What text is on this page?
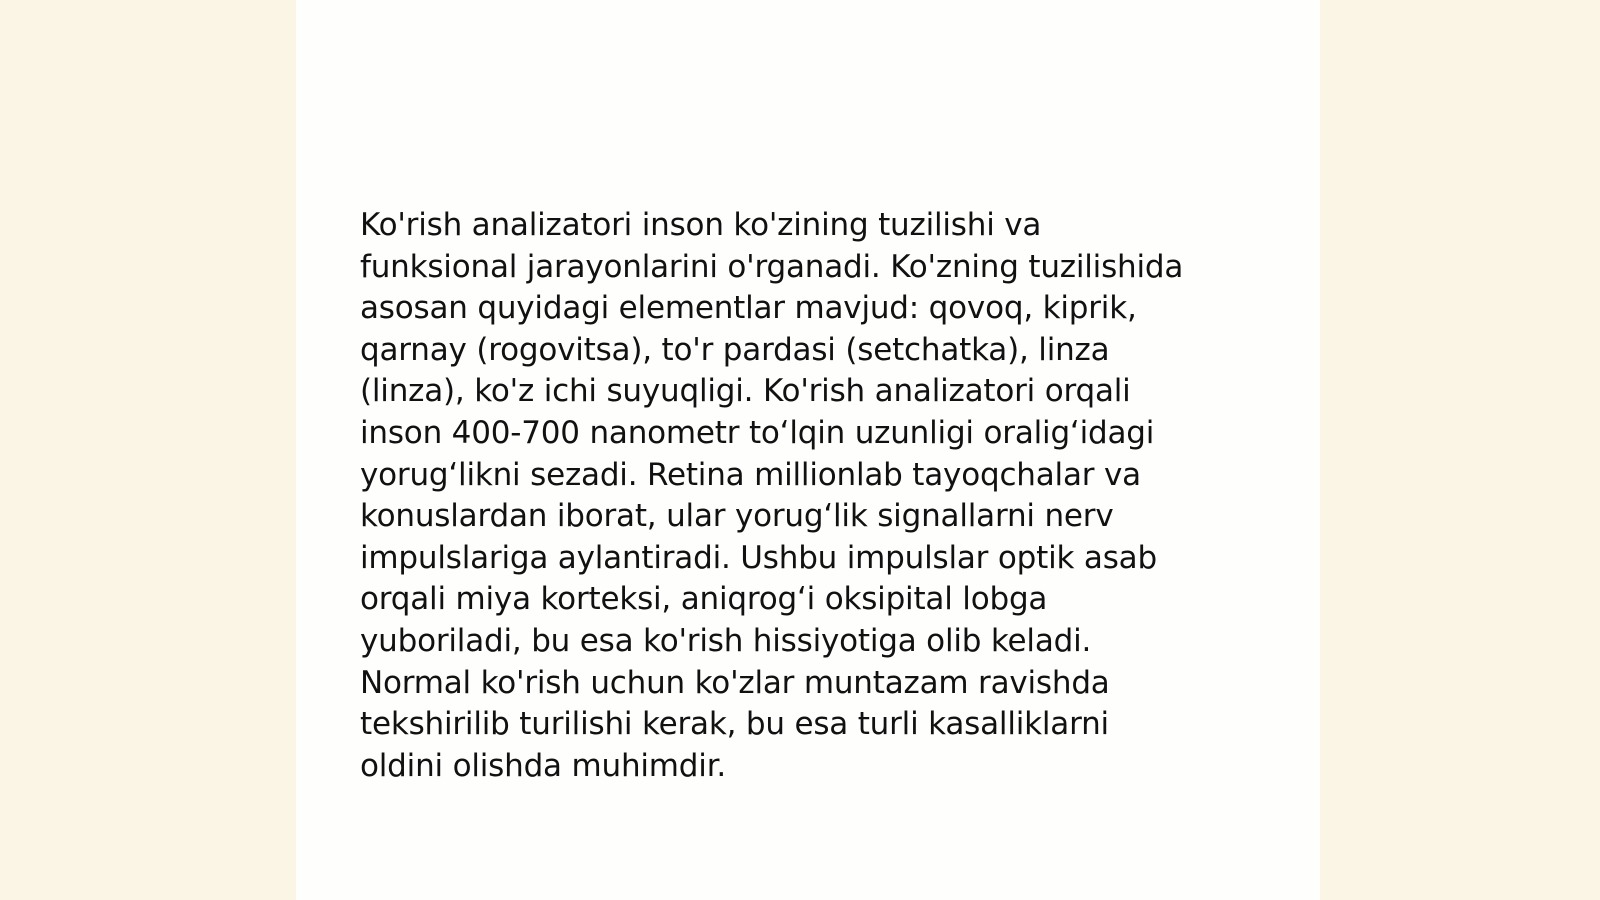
Ko'rish analizatori inson ko'zining tuzilishi va
funksional jarayonlarini o'rganadi. Ko'zning tuzilishida
asosan quyidagi elementlar mavjud: qovoq, kiprik,
qarnay (rogovitsa), to'r pardasi (setchatka), linza
(linza), ko'z ichi suyuqligi. Ko'rish analizatori orqali
inson 400-700 nanometr to‘lqin uzunligi oralig‘idagi
yorug‘likni sezadi. Retina millionlab tayoqchalar va
konuslardan iborat, ular yorug‘lik signallarni nerv
impulslariga aylantiradi. Ushbu impulslar optik asab
orqali miya korteksi, aniqrog‘i oksipital lobga
yuboriladi, bu esa ko'rish hissiyotiga olib keladi.
Normal ko'rish uchun ko'zlar muntazam ravishda
tekshirilib turilishi kerak, bu esa turli kasalliklarni
oldini olishda muhimdir.
